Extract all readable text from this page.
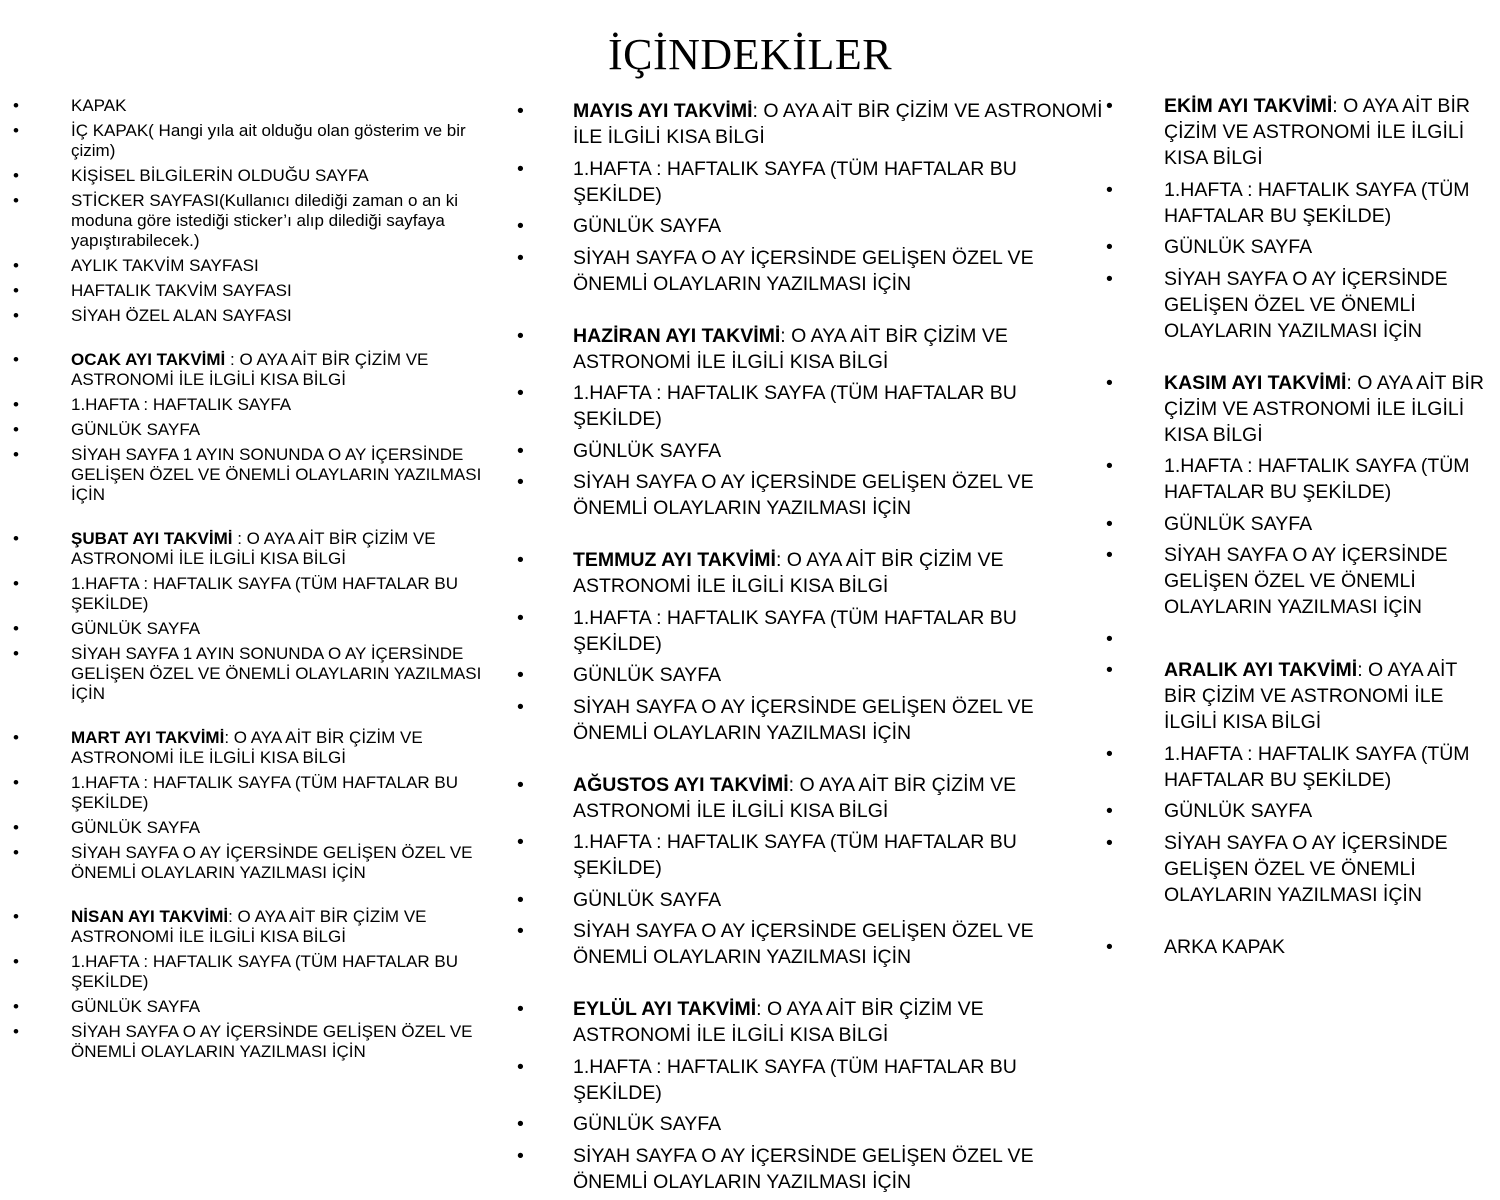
İÇİNDEKİLER
• KAPAK
• İÇ KAPAK( Hangi yıla ait olduğu olan gösterim ve bir çizim)
• KİŞİSEL BİLGİLERİN OLDUĞU SAYFA
• STİCKER SAYFASI(Kullanıcı dilediği zaman o an ki moduna göre istediği sticker’ı alıp dilediği sayfaya yapıştırabilecek.)
• AYLIK TAKVİM SAYFASI
• HAFTALIK TAKVİM SAYFASI
• SİYAH ÖZEL ALAN SAYFASI
• OCAK AYI TAKVİMİ : O AYA AİT BİR ÇİZİM VE ASTRONOMİ İLE İLGİLİ KISA BİLGİ
• 1.HAFTA : HAFTALIK SAYFA
• GÜNLÜK SAYFA
• SİYAH SAYFA 1 AYIN SONUNDA O AY İÇERSİNDE GELİŞEN ÖZEL VE ÖNEMLİ OLAYLARIN YAZILMASI İÇİN
• ŞUBAT AYI TAKVİMİ : O AYA AİT BİR ÇİZİM VE ASTRONOMİ İLE İLGİLİ KISA BİLGİ
• 1.HAFTA : HAFTALIK SAYFA (TÜM HAFTALAR BU ŞEKİLDE)
• GÜNLÜK SAYFA
• SİYAH SAYFA 1 AYIN SONUNDA O AY İÇERSİNDE GELİŞEN ÖZEL VE ÖNEMLİ OLAYLARIN YAZILMASI İÇİN
• MART AYI TAKVİMİ: O AYA AİT BİR ÇİZİM VE ASTRONOMİ İLE İLGİLİ KISA BİLGİ
• 1.HAFTA : HAFTALIK SAYFA (TÜM HAFTALAR BU ŞEKİLDE)
• GÜNLÜK SAYFA
• SİYAH SAYFA O AY İÇERSİNDE GELİŞEN ÖZEL VE ÖNEMLİ OLAYLARIN YAZILMASI İÇİN
• NİSAN AYI TAKVİMİ: O AYA AİT BİR ÇİZİM VE ASTRONOMİ İLE İLGİLİ KISA BİLGİ
• 1.HAFTA : HAFTALIK SAYFA (TÜM HAFTALAR BU ŞEKİLDE)
• GÜNLÜK SAYFA
• SİYAH SAYFA O AY İÇERSİNDE GELİŞEN ÖZEL VE ÖNEMLİ OLAYLARIN YAZILMASI İÇİN
• MAYIS AYI TAKVİMİ: O AYA AİT BİR ÇİZİM VE ASTRONOMİ İLE İLGİLİ KISA BİLGİ
• 1.HAFTA : HAFTALIK SAYFA (TÜM HAFTALAR BU ŞEKİLDE)
• GÜNLÜK SAYFA
• SİYAH SAYFA O AY İÇERSİNDE GELİŞEN ÖZEL VE ÖNEMLİ OLAYLARIN YAZILMASI İÇİN
• HAZİRAN AYI TAKVİMİ: O AYA AİT BİR ÇİZİM VE ASTRONOMİ İLE İLGİLİ KISA BİLGİ
• 1.HAFTA : HAFTALIK SAYFA (TÜM HAFTALAR BU ŞEKİLDE)
• GÜNLÜK SAYFA
• SİYAH SAYFA O AY İÇERSİNDE GELİŞEN ÖZEL VE ÖNEMLİ OLAYLARIN YAZILMASI İÇİN
• TEMMUZ AYI TAKVİMİ: O AYA AİT BİR ÇİZİM VE ASTRONOMİ İLE İLGİLİ KISA BİLGİ
• 1.HAFTA : HAFTALIK SAYFA (TÜM HAFTALAR BU ŞEKİLDE)
• GÜNLÜK SAYFA
• SİYAH SAYFA O AY İÇERSİNDE GELİŞEN ÖZEL VE ÖNEMLİ OLAYLARIN YAZILMASI İÇİN
• AĞUSTOS AYI TAKVİMİ: O AYA AİT BİR ÇİZİM VE ASTRONOMİ İLE İLGİLİ KISA BİLGİ
• 1.HAFTA : HAFTALIK SAYFA (TÜM HAFTALAR BU ŞEKİLDE)
• GÜNLÜK SAYFA
• SİYAH SAYFA O AY İÇERSİNDE GELİŞEN ÖZEL VE ÖNEMLİ OLAYLARIN YAZILMASI İÇİN
• EYLÜL AYI TAKVİMİ: O AYA AİT BİR ÇİZİM VE ASTRONOMİ İLE İLGİLİ KISA BİLGİ
• 1.HAFTA : HAFTALIK SAYFA (TÜM HAFTALAR BU ŞEKİLDE)
• GÜNLÜK SAYFA
• SİYAH SAYFA O AY İÇERSİNDE GELİŞEN ÖZEL VE ÖNEMLİ OLAYLARIN YAZILMASI İÇİN
• EKİM AYI TAKVİMİ: O AYA AİT BİR ÇİZİM VE ASTRONOMİ İLE İLGİLİ KISA BİLGİ
• 1.HAFTA : HAFTALIK SAYFA (TÜM HAFTALAR BU ŞEKİLDE)
• GÜNLÜK SAYFA
• SİYAH SAYFA O AY İÇERSİNDE GELİŞEN ÖZEL VE ÖNEMLİ OLAYLARIN YAZILMASI İÇİN
• KASIM AYI TAKVİMİ: O AYA AİT BİR ÇİZİM VE ASTRONOMİ İLE İLGİLİ KISA BİLGİ
• 1.HAFTA : HAFTALIK SAYFA (TÜM HAFTALAR BU ŞEKİLDE)
• GÜNLÜK SAYFA
• SİYAH SAYFA O AY İÇERSİNDE GELİŞEN ÖZEL VE ÖNEMLİ OLAYLARIN YAZILMASI İÇİN
•
• ARALIK AYI TAKVİMİ: O AYA AİT BİR ÇİZİM VE ASTRONOMİ İLE İLGİLİ KISA BİLGİ
• 1.HAFTA : HAFTALIK SAYFA (TÜM HAFTALAR BU ŞEKİLDE)
• GÜNLÜK SAYFA
• SİYAH SAYFA O AY İÇERSİNDE GELİŞEN ÖZEL VE ÖNEMLİ OLAYLARIN YAZILMASI İÇİN
• ARKA KAPAK
